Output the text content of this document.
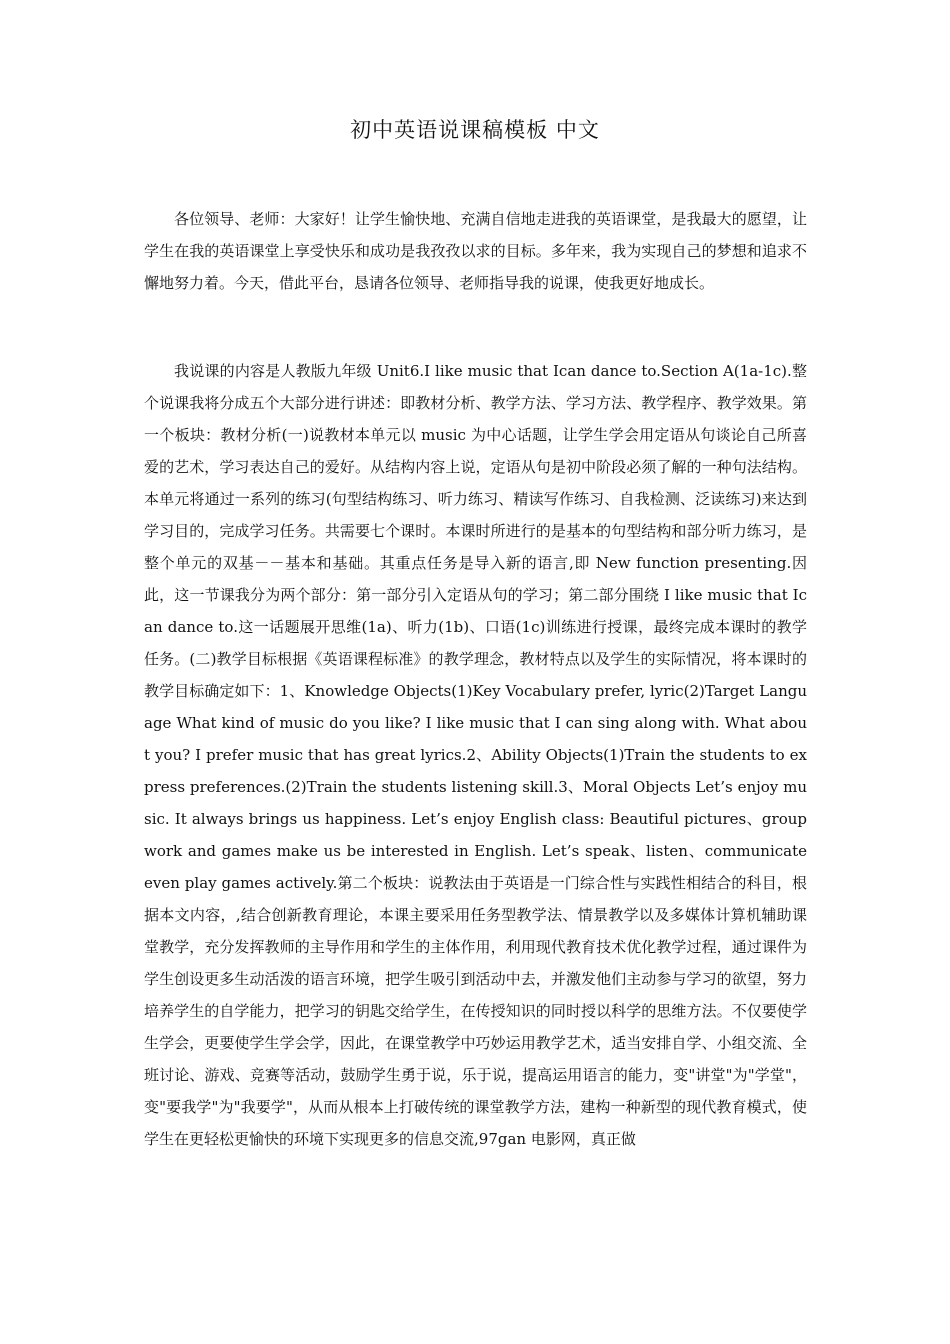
初中英语说课稿模板 中文

各位领导、老师：大家好！让学生愉快地、充满自信地走进我的英语课堂，是我最大的愿望，让学生在我的英语课堂上享受快乐和成功是我孜孜以求的目标。多年来，我为实现自己的梦想和追求不懈地努力着。今天，借此平台，恳请各位领导、老师指导我的说课，使我更好地成长。

我说课的内容是人教版九年级 Unit6.I like music that Ican dance to.Section A(1a-1c).整个说课我将分成五个大部分进行讲述：即教材分析、教学方法、学习方法、教学程序、教学效果。第一个板块：教材分析(一)说教材本单元以 music 为中心话题，让学生学会用定语从句谈论自己所喜爱的艺术，学习表达自己的爱好。从结构内容上说，定语从句是初中阶段必须了解的一种句法结构。本单元将通过一系列的练习(句型结构练习、听力练习、精读写作练习、自我检测、泛读练习)来达到学习目的，完成学习任务。共需要七个课时。本课时所进行的是基本的句型结构和部分听力练习，是整个单元的双基－－基本和基础。其重点任务是导入新的语言,即 New function presenting.因此，这一节课我分为两个部分：第一部分引入定语从句的学习；第二部分围绕 I like music that Ican dance to.这一话题展开思维(1a)、听力(1b)、口语(1c)训练进行授课，最终完成本课时的教学任务。(二)教学目标根据《英语课程标准》的教学理念，教材特点以及学生的实际情况，将本课时的教学目标确定如下：1、Knowledge Objects(1)Key Vocabulary prefer, lyric(2)Target Language What kind of music do you like? I like music that I can sing along with. What about you? I prefer music that has great lyrics.2、Ability Objects(1)Train the students to express preferences.(2)Train the students listening skill.3、Moral Objects Let’s enjoy music. It always brings us happiness. Let’s enjoy English class: Beautiful pictures、group work and games make us be interested in English. Let’s speak、listen、communicate even play games actively.第二个板块：说教法由于英语是一门综合性与实践性相结合的科目，根据本文内容，,结合创新教育理论，本课主要采用任务型教学法、情景教学以及多媒体计算机辅助课堂教学，充分发挥教师的主导作用和学生的主体作用，利用现代教育技术优化教学过程，通过课件为学生创设更多生动活泼的语言环境，把学生吸引到活动中去，并激发他们主动参与学习的欲望，努力培养学生的自学能力，把学习的钥匙交给学生，在传授知识的同时授以科学的思维方法。不仅要使学生学会，更要使学生学会学，因此，在课堂教学中巧妙运用教学艺术，适当安排自学、小组交流、全班讨论、游戏、竞赛等活动，鼓励学生勇于说，乐于说，提高运用语言的能力，变"讲堂"为"学堂"，变"要我学"为"我要学"，从而从根本上打破传统的课堂教学方法，建构一种新型的现代教育模式，使学生在更轻松更愉快的环境下实现更多的信息交流,97gan 电影网，真正做
